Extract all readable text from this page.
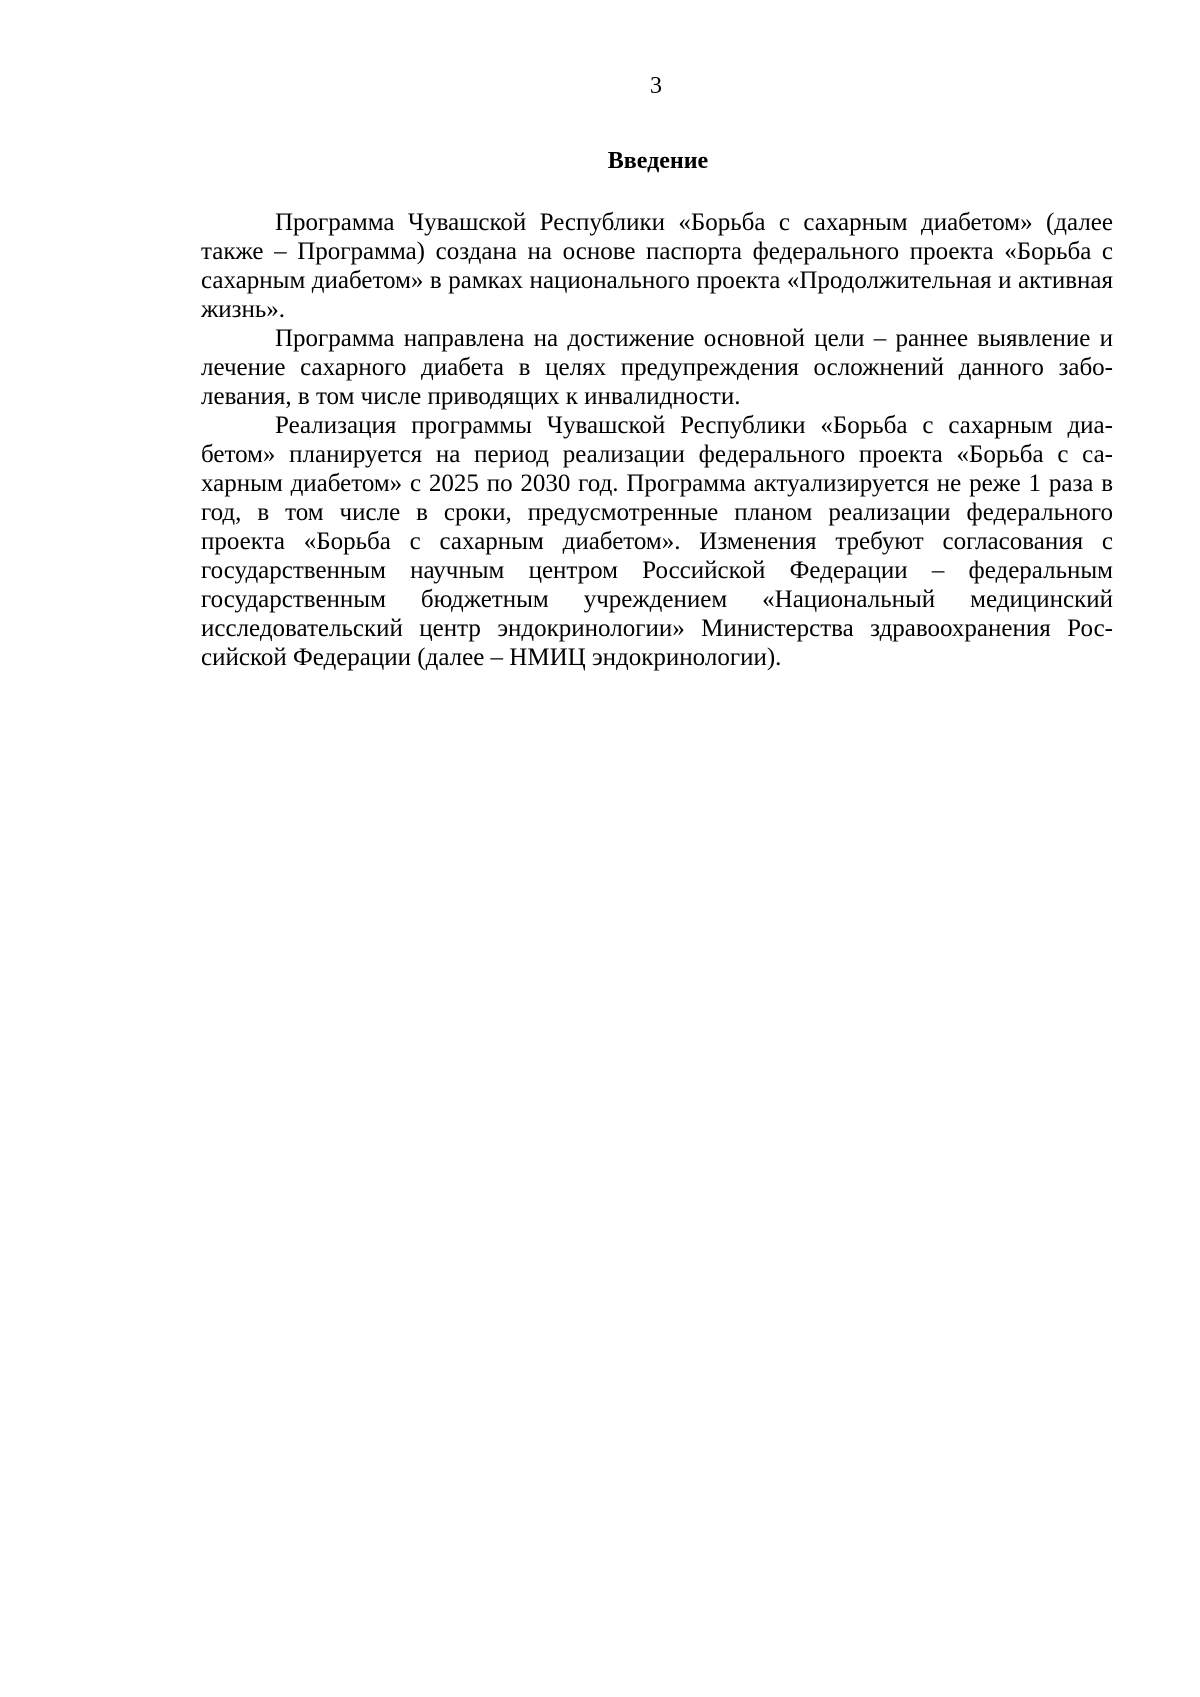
3
Введение

Программа Чувашской Республики «Борьба с сахарным диабетом» (далее также – Программа) создана на основе паспорта федерального проекта «Борьба с сахарным диабетом» в рамках национального проекта «Продолжительная и активная жизнь».

Программа направлена на достижение основной цели – раннее выявление и лечение сахарного диабета в целях предупреждения осложнений данного заболевания, в том числе приводящих к инвалидности.

Реализация программы Чувашской Республики «Борьба с сахарным диабетом» планируется на период реализации федерального проекта «Борьба с сахарным диабетом» с 2025 по 2030 год. Программа актуализируется не реже 1 раза в год, в том числе в сроки, предусмотренные планом реализации федерального проекта «Борьба с сахарным диабетом». Изменения требуют согласования с государственным научным центром Российской Федерации – федеральным государственным бюджетным учреждением «Национальный медицинский исследовательский центр эндокринологии» Министерства здравоохранения Российской Федерации (далее – НМИЦ эндокринологии).
